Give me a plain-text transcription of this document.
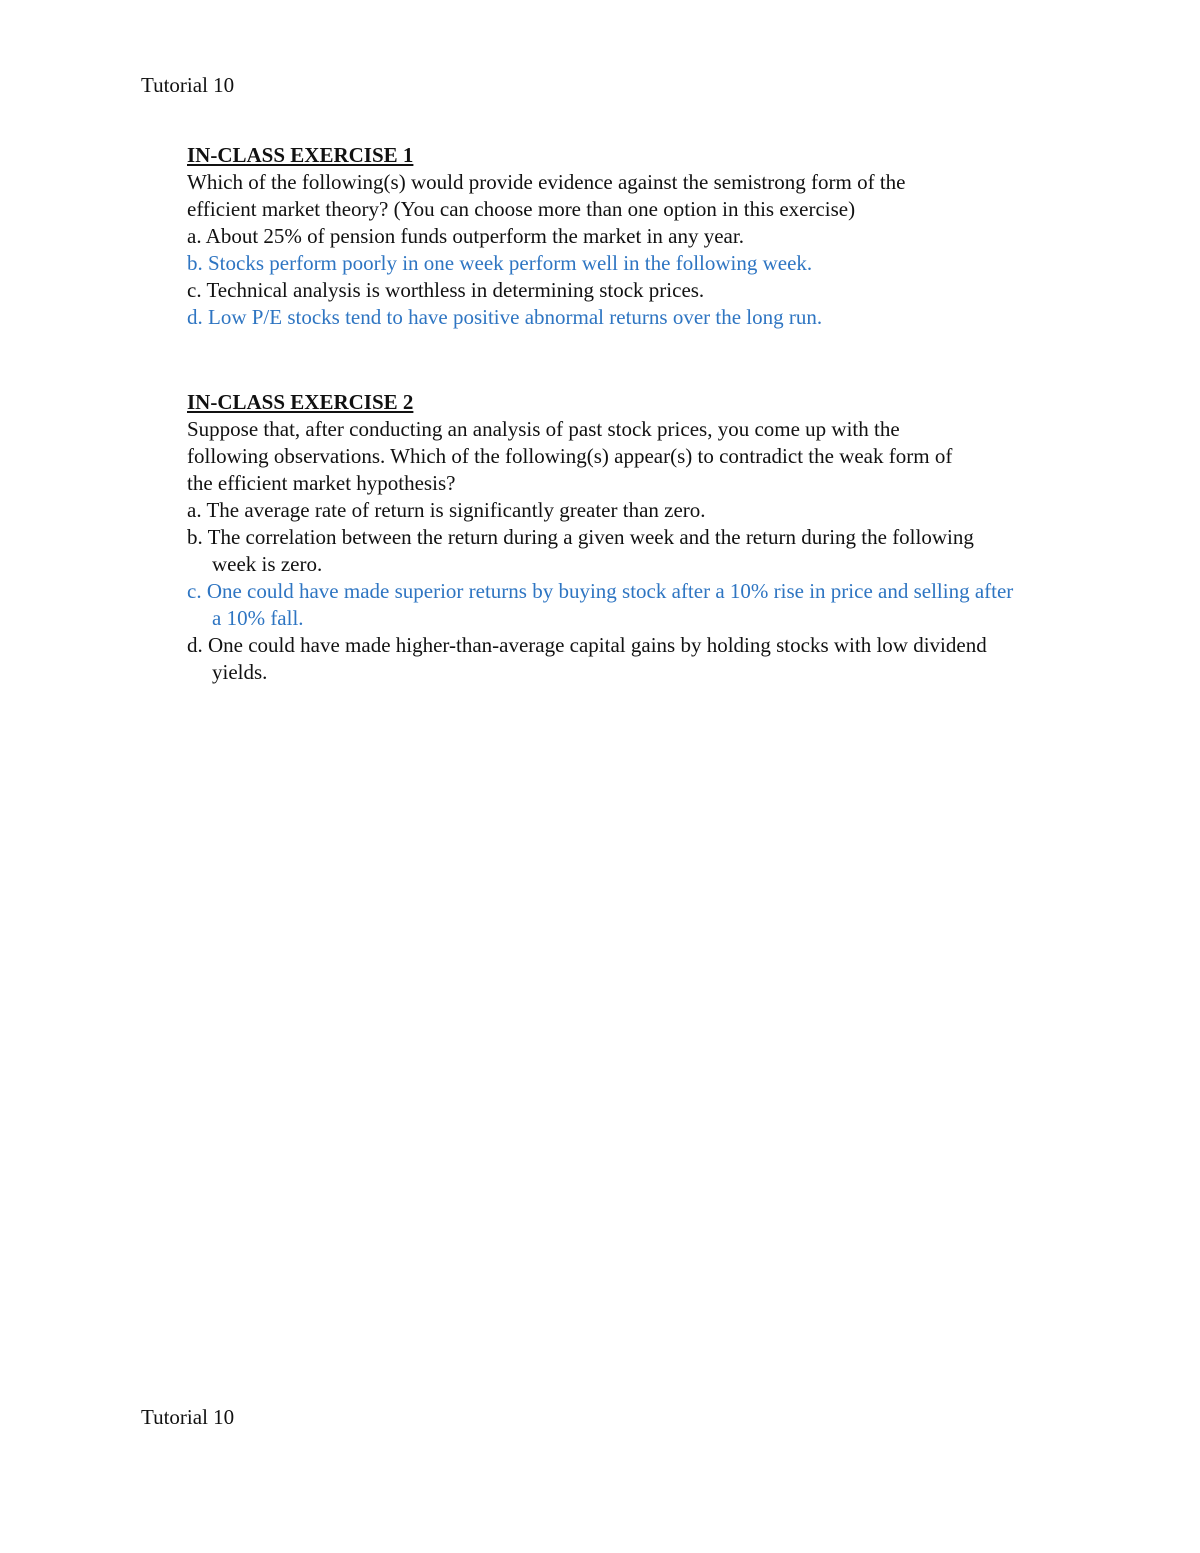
Tutorial 10
IN-CLASS EXERCISE 1
Which of the following(s) would provide evidence against the semistrong form of the
efficient market theory? (You can choose more than one option in this exercise)
a. About 25% of pension funds outperform the market in any year.
b. Stocks perform poorly in one week perform well in the following week.
c. Technical analysis is worthless in determining stock prices.
d. Low P/E stocks tend to have positive abnormal returns over the long run.
IN-CLASS EXERCISE 2
Suppose that, after conducting an analysis of past stock prices, you come up with the
following observations. Which of the following(s) appear(s) to contradict the weak form of
the efficient market hypothesis?
a. The average rate of return is significantly greater than zero.
b. The correlation between the return during a given week and the return during the following week is zero.
c. One could have made superior returns by buying stock after a 10% rise in price and selling after a 10% fall.
d. One could have made higher-than-average capital gains by holding stocks with low dividend yields.
Tutorial 10
